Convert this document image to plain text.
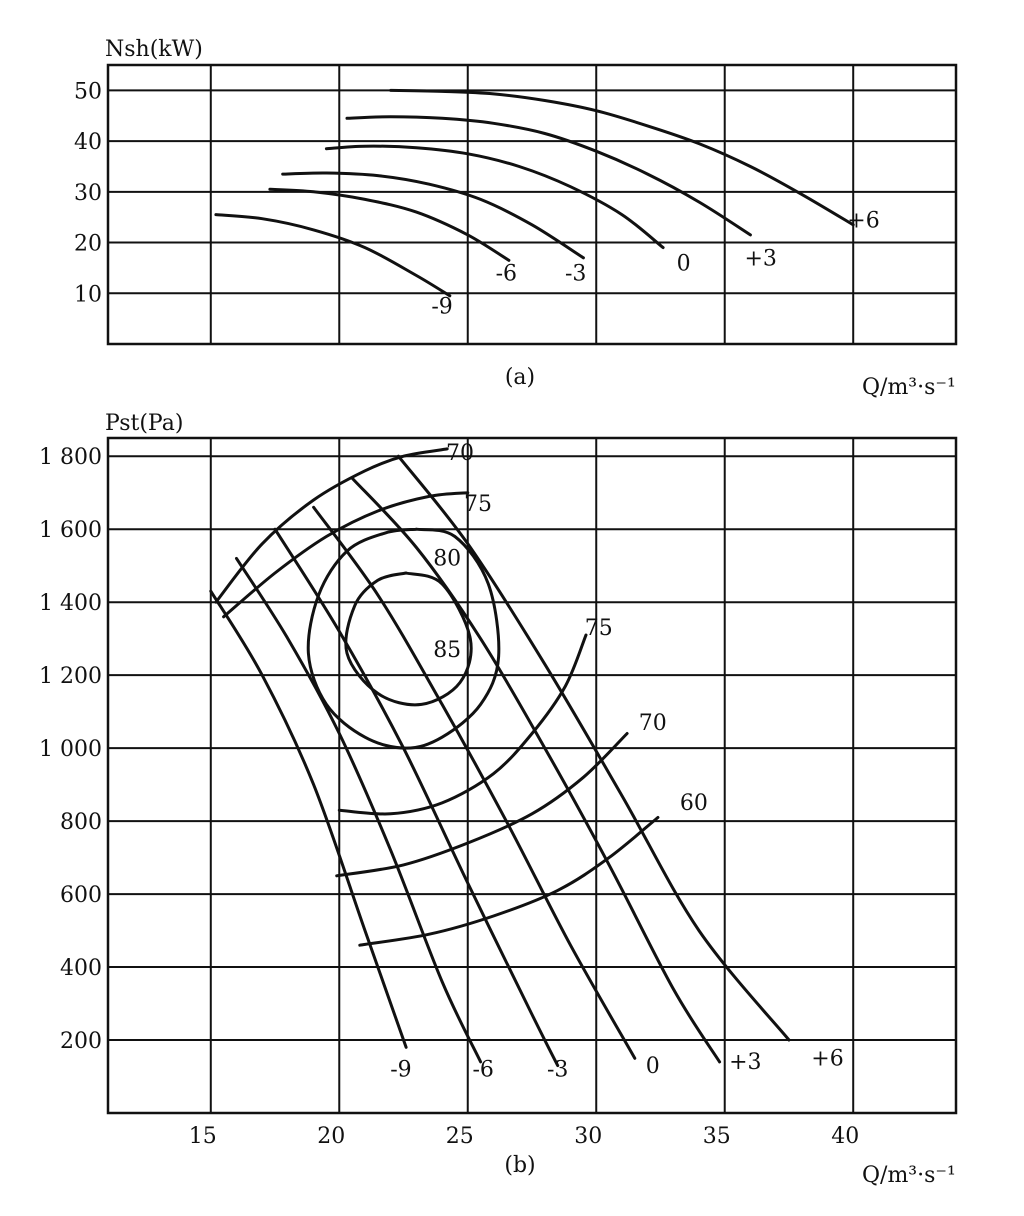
-9
-6 -3	0 +3
+6
10
20
30
40
50
Nsh(kW)
Q/m³·s⁻¹
(a)
-9	-6 -3	0	+3 +6
70
75
80
85
75
70
60
200
400
600
800
1 000
1 200
1 400
1 600
1 800
15	20	25	30	35	40
Pst(Pa)
Q/m³·s⁻¹
(b)
